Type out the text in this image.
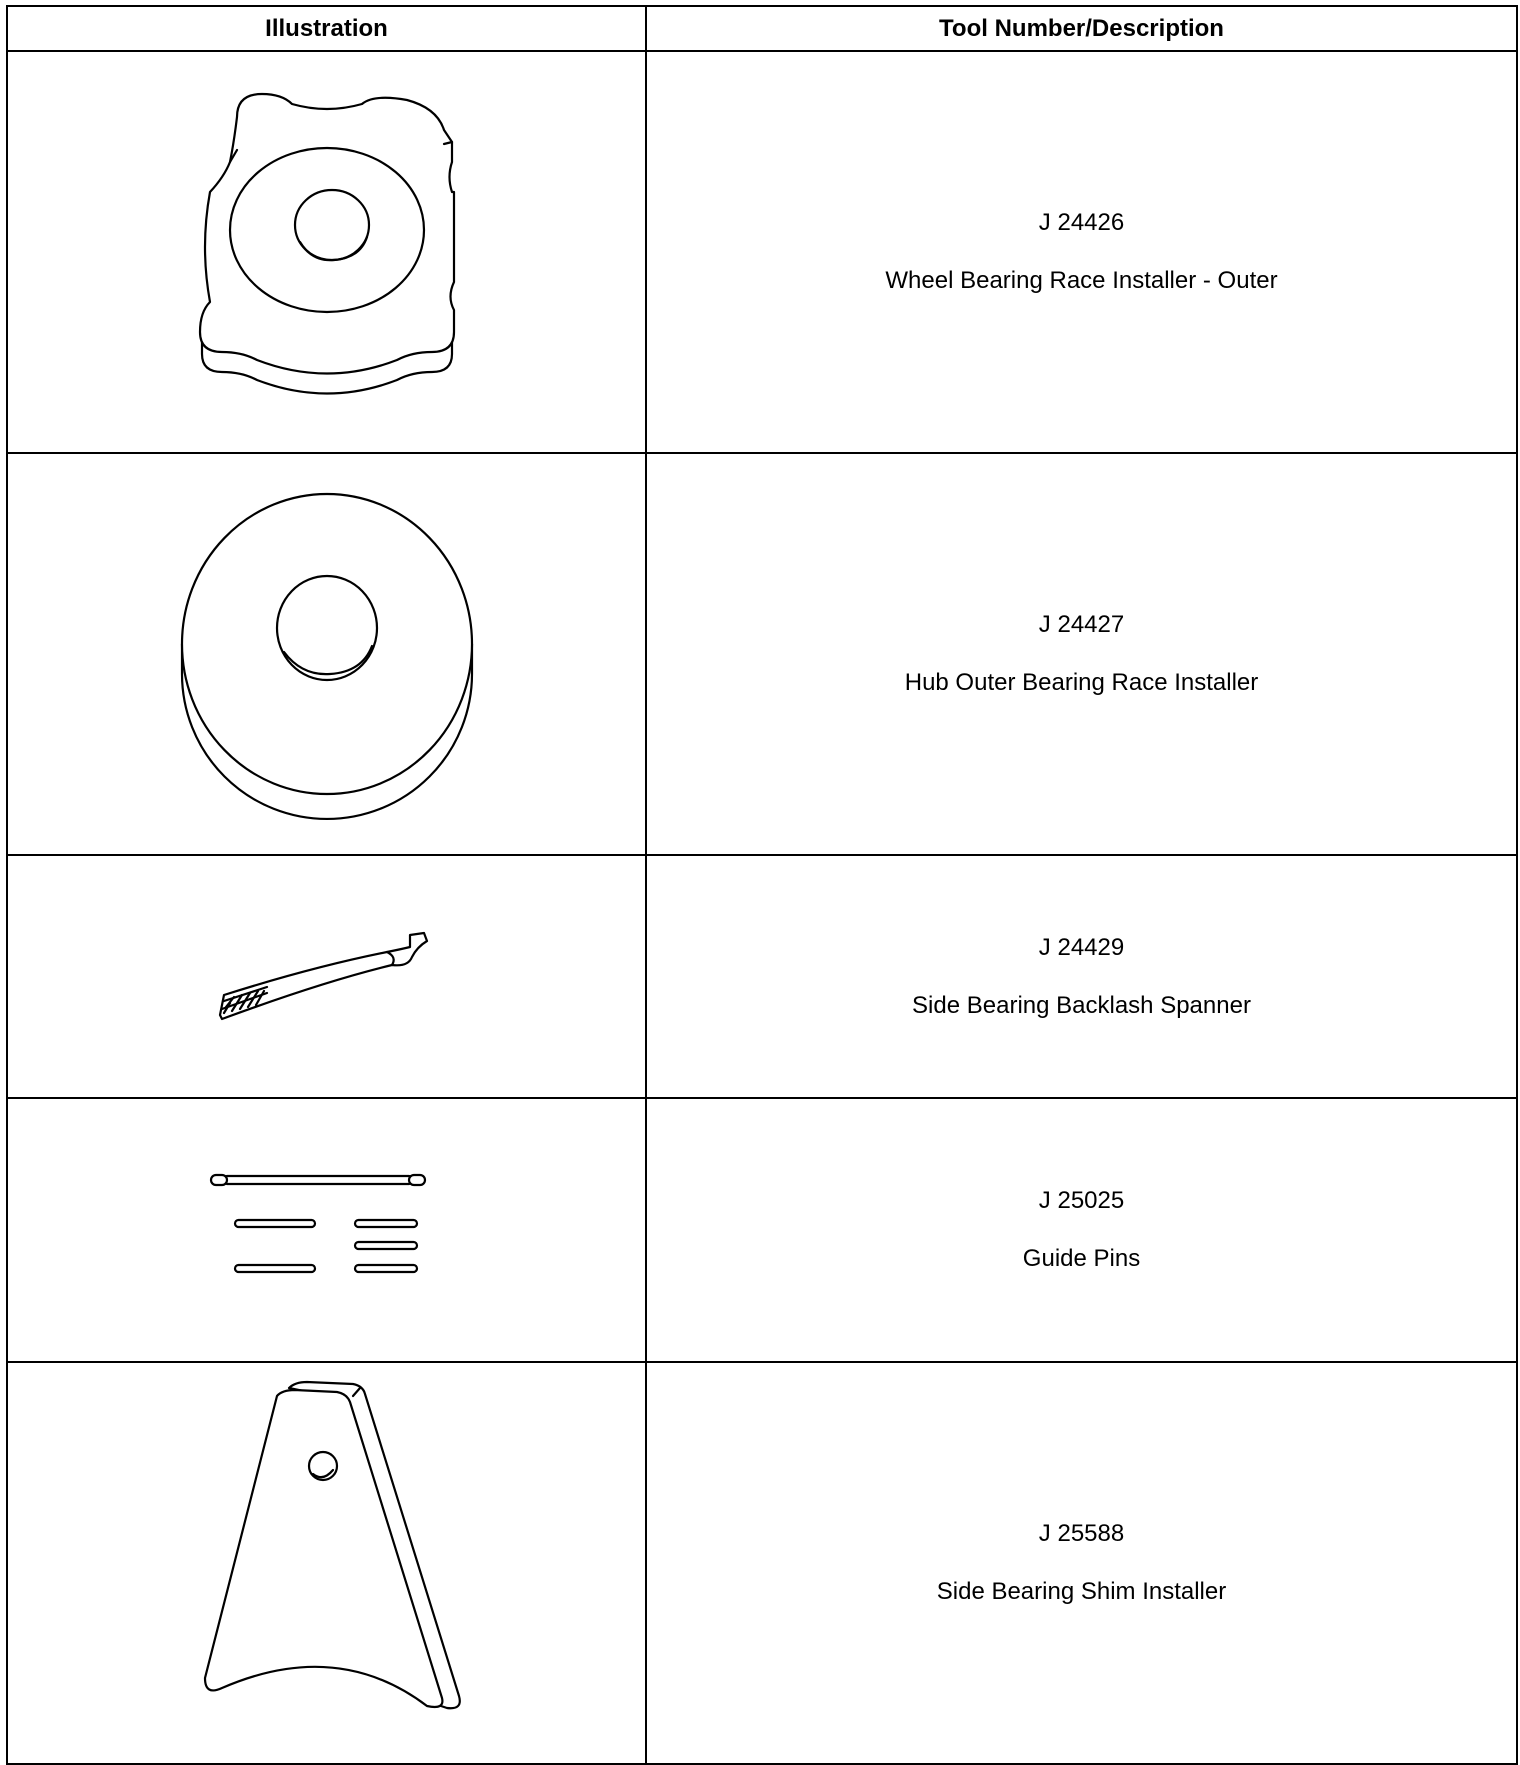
Illustration	Tool Number/Description

J 24426
Wheel Bearing Race Installer - Outer

J 24427
Hub Outer Bearing Race Installer

J 24429
Side Bearing Backlash Spanner

J 25025
Guide Pins

J 25588
Side Bearing Shim Installer
